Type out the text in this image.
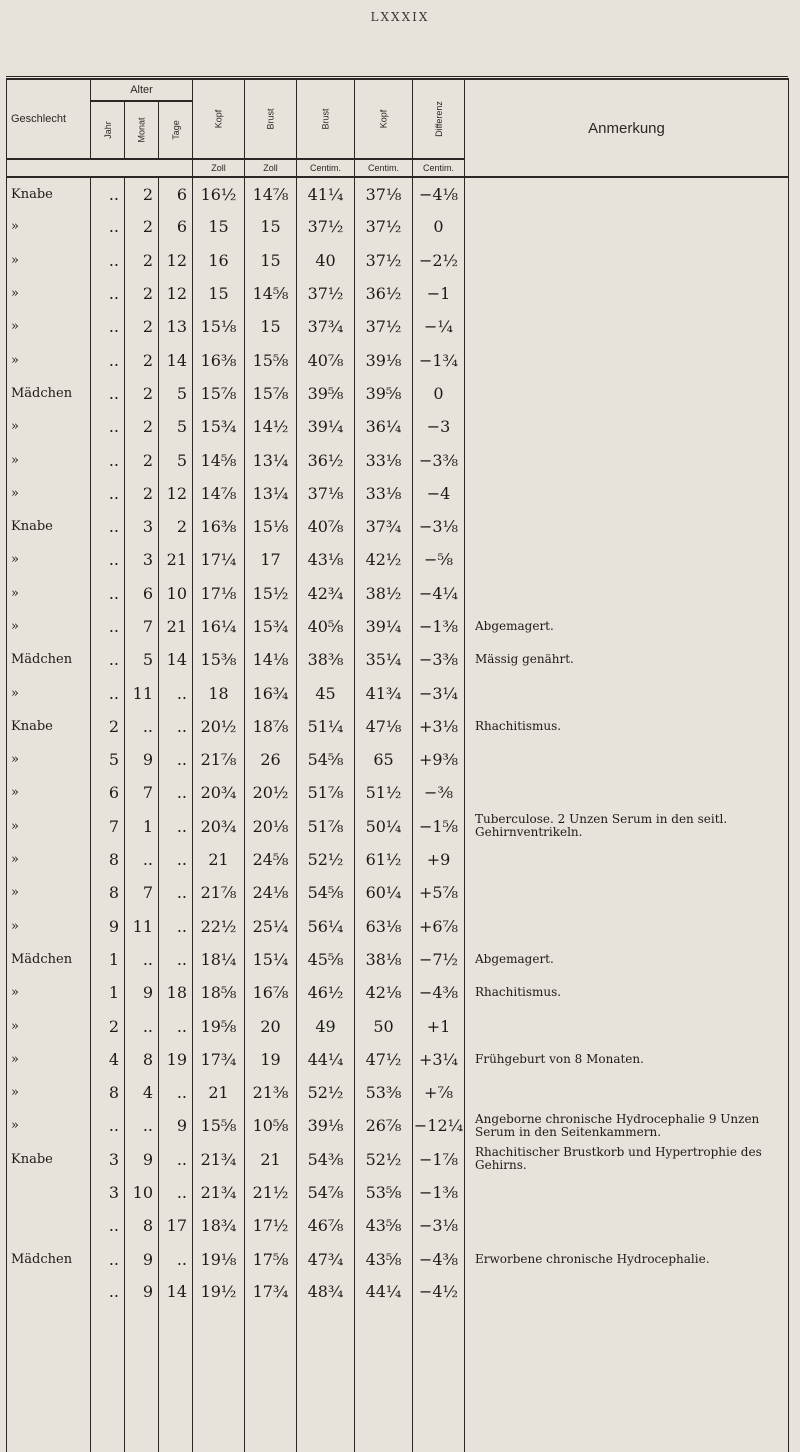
LXXXIX
Geschlecht	Alter			Kopf	Brust	Brust	Kopf	Differenz	Anmerkung
	Jahr	Monat	Tage						
				Zoll	Zoll	Centim.	Centim.	Centim.	
Knabe	..	2	6	16½	14⅞	41¼	37⅛	−4⅛	
»	..	2	6	15	15	37½	37½	0	
»	..	2	12	16	15	40	37½	−2½	
»	..	2	12	15	14⅝	37½	36½	−1	
»	..	2	13	15⅛	15	37¾	37½	−¼	
»	..	2	14	16⅜	15⅝	40⅞	39⅛	−1¾	
Mädchen	..	2	5	15⅞	15⅞	39⅝	39⅝	0	
»	..	2	5	15¾	14½	39¼	36¼	−3	
»	..	2	5	14⅝	13¼	36½	33⅛	−3⅜	
»	..	2	12	14⅞	13¼	37⅛	33⅛	−4	
Knabe	..	3	2	16⅜	15⅛	40⅞	37¾	−3⅛	
»	..	3	21	17¼	17	43⅛	42½	−⅝	
»	..	6	10	17⅛	15½	42¾	38½	−4¼	
»	..	7	21	16¼	15¾	40⅝	39¼	−1⅜	Abgemagert.
Mädchen	..	5	14	15⅜	14⅛	38⅜	35¼	−3⅜	Mässig genährt.
»	..	11	..	18	16¾	45	41¾	−3¼	
Knabe	2	..	..	20½	18⅞	51¼	47⅛	+3⅛	Rhachitismus.
»	5	9	..	21⅞	26	54⅝	65	+9⅜	
»	6	7	..	20¾	20½	51⅞	51½	−⅜	
»	7	1	..	20¾	20⅛	51⅞	50¼	−1⅝	Tuberculose. 2 Unzen Serum in den seitl. Gehirnventrikeln.
»	8	..	..	21	24⅝	52½	61½	+9	
»	8	7	..	21⅞	24⅛	54⅝	60¼	+5⅞	
»	9	11	..	22½	25¼	56¼	63⅛	+6⅞	
Mädchen	1	..	..	18¼	15¼	45⅝	38⅛	−7½	Abgemagert.
»	1	9	18	18⅝	16⅞	46½	42⅛	−4⅜	Rhachitismus.
»	2	..	..	19⅝	20	49	50	+1	
»	4	8	19	17¾	19	44¼	47½	+3¼	Frühgeburt von 8 Monaten.
»	8	4	..	21	21⅜	52½	53⅜	+⅞	
»	..	..	9	15⅝	10⅝	39⅛	26⅞	−12¼	Angeborne chronische Hydrocephalie 9 Unzen Serum in den Seitenkammern.
Knabe	3	9	..	21¾	21	54⅜	52½	−1⅞	Rhachitischer Brustkorb und Hypertrophie des Gehirns.
	3	10	..	21¾	21½	54⅞	53⅝	−1⅜	
	..	8	17	18¾	17½	46⅞	43⅝	−3⅛	
Mädchen	..	9	..	19⅛	17⅝	47¾	43⅝	−4⅜	Erworbene chronische Hydrocephalie.
	..	9	14	19½	17¾	48¾	44¼	−4½	
